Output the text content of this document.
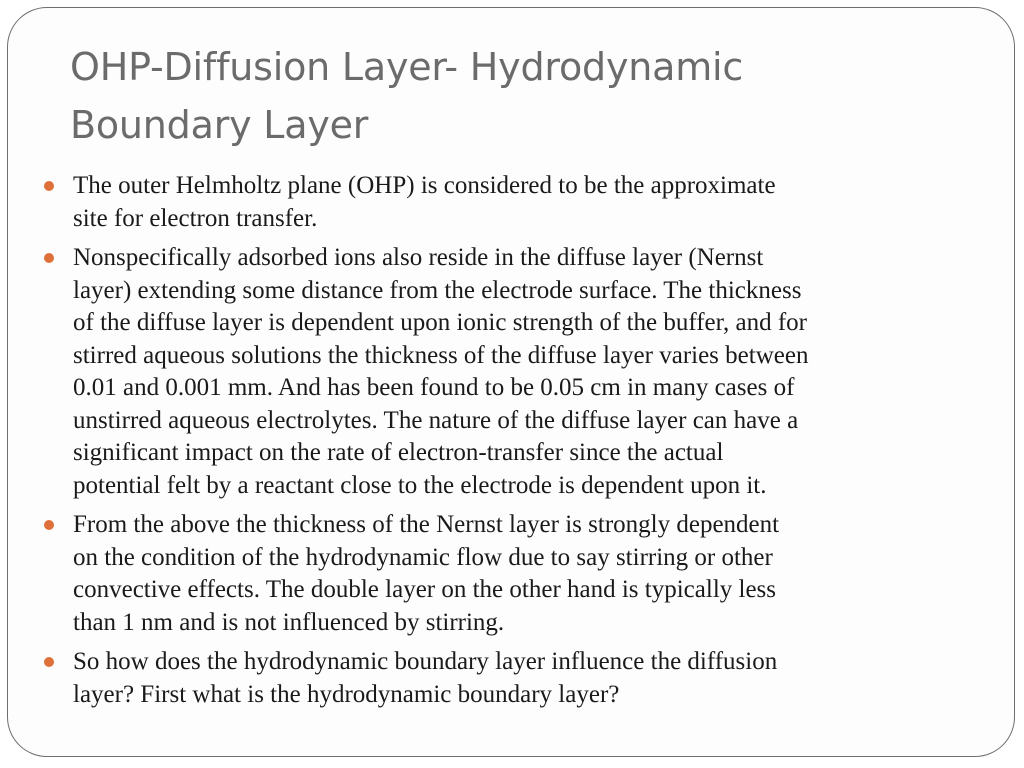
OHP-Diffusion Layer- Hydrodynamic
Boundary Layer
The outer Helmholtz plane (OHP) is considered to be the approximate
site for electron transfer.
Nonspecifically adsorbed ions also reside in the diffuse layer (Nernst
layer) extending some distance from the electrode surface. The thickness
of the diffuse layer is dependent upon ionic strength of the buffer, and for
stirred aqueous solutions the thickness of the diffuse layer varies between
0.01 and 0.001 mm. And has been found to be 0.05 cm in many cases of
unstirred aqueous electrolytes. The nature of the diffuse layer can have a
significant impact on the rate of electron-transfer since the actual
potential felt by a reactant close to the electrode is dependent upon it.
From the above the thickness of the Nernst layer is strongly dependent
on the condition of the hydrodynamic flow due to say stirring or other
convective effects. The double layer on the other hand is typically less
than 1 nm and is not influenced by stirring.
So how does the hydrodynamic boundary layer influence the diffusion
layer? First what is the hydrodynamic boundary layer?
